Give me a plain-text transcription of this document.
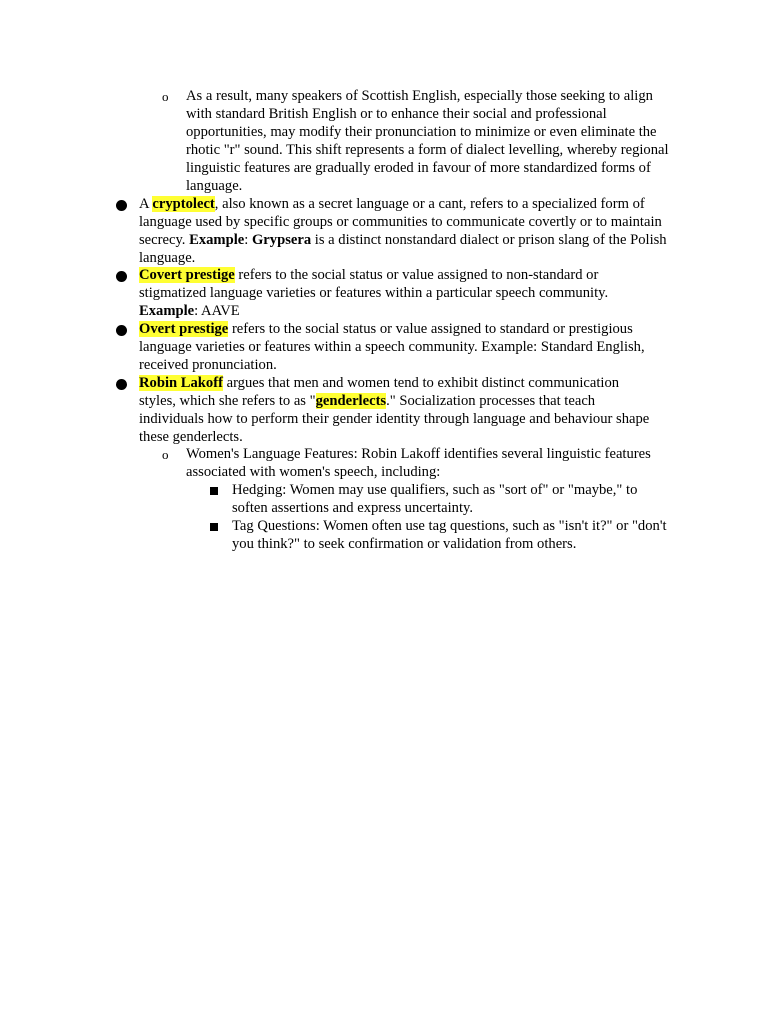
o As a result, many speakers of Scottish English, especially those seeking to align with standard British English or to enhance their social and professional opportunities, may modify their pronunciation to minimize or even eliminate the rhotic "r" sound. This shift represents a form of dialect levelling, whereby regional linguistic features are gradually eroded in favour of more standardized forms of language.
A cryptolect, also known as a secret language or a cant, refers to a specialized form of language used by specific groups or communities to communicate covertly or to maintain secrecy. Example: Grypsera is a distinct nonstandard dialect or prison slang of the Polish language.
Covert prestige refers to the social status or value assigned to non-standard or stigmatized language varieties or features within a particular speech community. Example: AAVE
Overt prestige refers to the social status or value assigned to standard or prestigious language varieties or features within a speech community. Example: Standard English, received pronunciation.
Robin Lakoff argues that men and women tend to exhibit distinct communication styles, which she refers to as "genderlects." Socialization processes that teach individuals how to perform their gender identity through language and behaviour shape these genderlects.
o Women's Language Features: Robin Lakoff identifies several linguistic features associated with women's speech, including:
Hedging: Women may use qualifiers, such as "sort of" or "maybe," to soften assertions and express uncertainty.
Tag Questions: Women often use tag questions, such as "isn't it?" or "don't you think?" to seek confirmation or validation from others.
